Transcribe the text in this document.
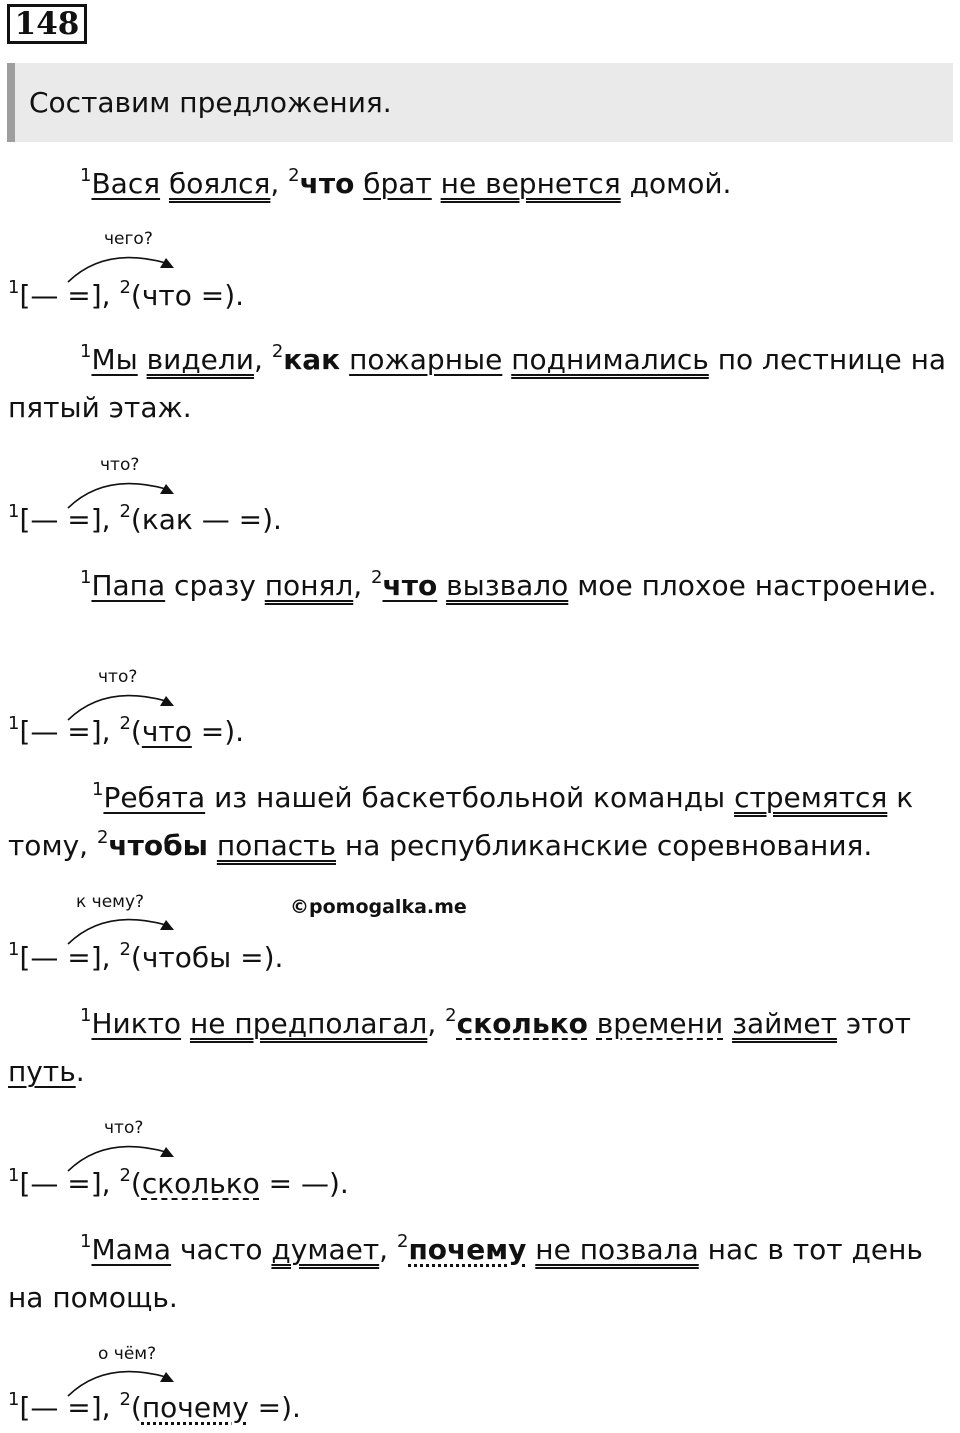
148
Составим предложения.
$^1$Вася боялся, $^2$что брат не вернется домой.
чего?
$^1$[— =], $^2$(что =).
$^1$Мы видели, $^2$как пожарные поднимались по лестнице на пятый этаж.
что?
$^1$[— =], $^2$(как — =).
$^1$Папа сразу понял, $^2$что вызвало мое плохое настроение.
что?
$^1$[— =], $^2$(что =).
$^1$Ребята из нашей баскетбольной команды стремятся к тому, $^2$чтобы попасть на республиканские соревнования.
к чему?	©pomogalka.me
$^1$[— =], $^2$(чтобы =).
$^1$Никто не предполагал, $^2$сколько времени займет этот путь.
что?
$^1$[— =], $^2$(сколько = —).
$^1$Мама часто думает, $^2$почему не позвала нас в тот день на помощь.
о чём?
$^1$[— =], $^2$(почему =).
